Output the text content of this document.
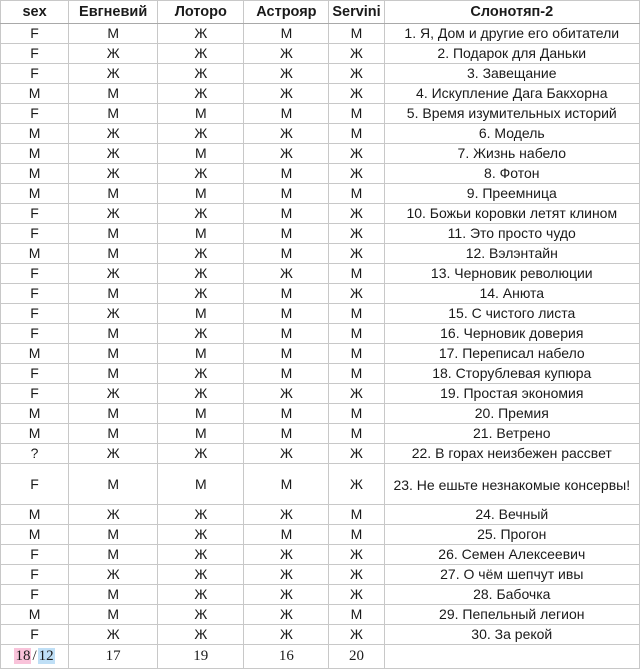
sex	Евгневий	Лоторо	Астрояр	Servini	Слонотяп-2
F	М	Ж	М	М	1. Я, Дом и другие его обитатели
F	Ж	Ж	Ж	Ж	2. Подарок для Даньки
F	Ж	Ж	Ж	Ж	3. Завещание
M	М	Ж	Ж	Ж	4. Искупление Дага Бакхорна
F	М	М	М	М	5. Время изумительных историй
M	Ж	Ж	Ж	М	6. Модель
M	Ж	М	Ж	Ж	7. Жизнь набело
M	Ж	Ж	М	Ж	8. Фотон
M	М	М	М	М	9. Преемница
F	Ж	Ж	М	Ж	10. Божьи коровки летят клином
F	М	М	М	Ж	11. Это просто чудо
M	М	Ж	М	Ж	12. Вэлэнтайн
F	Ж	Ж	Ж	М	13. Черновик революции
F	М	Ж	М	Ж	14. Анюта
F	Ж	М	М	М	15. С чистого листа
F	М	Ж	М	М	16. Черновик доверия
M	М	М	М	М	17. Переписал набело
F	М	Ж	М	М	18. Сторублевая купюра
F	Ж	Ж	Ж	Ж	19. Простая экономия
M	М	М	М	М	20. Премия
M	М	М	М	М	21. Ветрено
?	Ж	Ж	Ж	Ж	22. В горах неизбежен рассвет
F	М	М	М	Ж	23. Не ешьте незнакомые консервы!
M	Ж	Ж	Ж	М	24. Вечный
M	М	Ж	М	М	25. Прогон
F	М	Ж	Ж	Ж	26. Семен Алексеевич
F	Ж	Ж	Ж	Ж	27. О чём шепчут ивы
F	М	Ж	Ж	Ж	28. Бабочка
M	М	Ж	Ж	М	29. Пепельный легион
F	Ж	Ж	Ж	Ж	30. За рекой
18 / 12	17	19	16	20	
